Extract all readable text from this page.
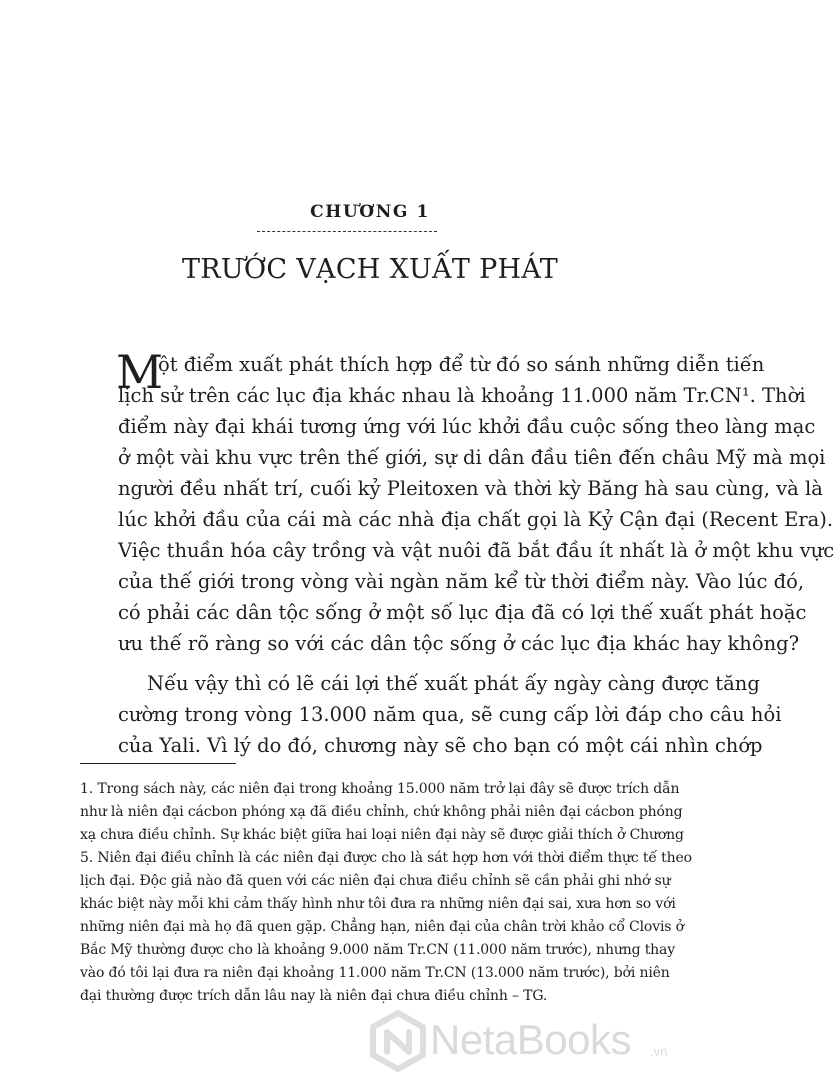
CHƯƠNG 1
TRƯỚC VẠCH XUẤT PHÁT
M
ột điểm xuất phát thích hợp để từ đó so sánh những diễn tiến
lịch sử trên các lục địa khác nhau là khoảng 11.000 năm Tr.CN¹. Thời
điểm này đại khái tương ứng với lúc khởi đầu cuộc sống theo làng mạc
ở một vài khu vực trên thế giới, sự di dân đầu tiên đến châu Mỹ mà mọi
người đều nhất trí, cuối kỷ Pleitoxen và thời kỳ Băng hà sau cùng, và là
lúc khởi đầu của cái mà các nhà địa chất gọi là Kỷ Cận đại (Recent Era).
Việc thuần hóa cây trồng và vật nuôi đã bắt đầu ít nhất là ở một khu vực
của thế giới trong vòng vài ngàn năm kể từ thời điểm này. Vào lúc đó,
có phải các dân tộc sống ở một số lục địa đã có lợi thế xuất phát hoặc
ưu thế rõ ràng so với các dân tộc sống ở các lục địa khác hay không?
Nếu vậy thì có lẽ cái lợi thế xuất phát ấy ngày càng được tăng
cường trong vòng 13.000 năm qua, sẽ cung cấp lời đáp cho câu hỏi
của Yali. Vì lý do đó, chương này sẽ cho bạn có một cái nhìn chớp
1. Trong sách này, các niên đại trong khoảng 15.000 năm trở lại đây sẽ được trích dẫn
như là niên đại cácbon phóng xạ đã điều chỉnh, chứ không phải niên đại cácbon phóng
xạ chưa điều chỉnh. Sự khác biệt giữa hai loại niên đại này sẽ được giải thích ở Chương
5. Niên đại điều chỉnh là các niên đại được cho là sát hợp hơn với thời điểm thực tế theo
lịch đại. Độc giả nào đã quen với các niên đại chưa điều chỉnh sẽ cần phải ghi nhớ sự
khác biệt này mỗi khi cảm thấy hình như tôi đưa ra những niên đại sai, xưa hơn so với
những niên đại mà họ đã quen gặp. Chẳng hạn, niên đại của chân trời khảo cổ Clovis ở
Bắc Mỹ thường được cho là khoảng 9.000 năm Tr.CN (11.000 năm trước), nhưng thay
vào đó tôi lại đưa ra niên đại khoảng 11.000 năm Tr.CN (13.000 năm trước), bởi niên
đại thường được trích dẫn lâu nay là niên đại chưa điều chỉnh – TG.
NetaBooks .vn
